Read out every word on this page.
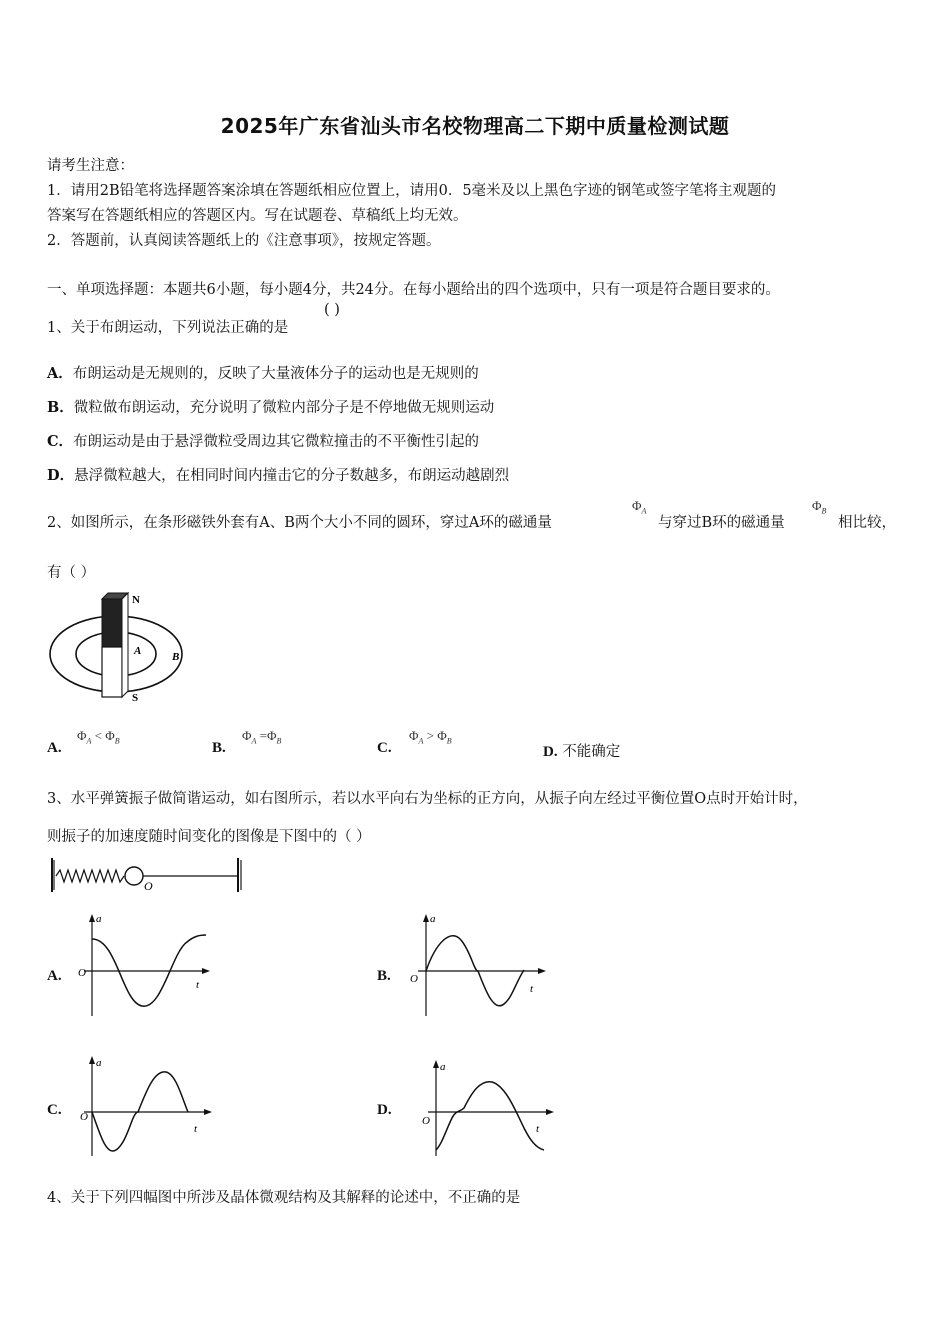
2025年广东省汕头市名校物理高二下期中质量检测试题
请考生注意：
1．请用2B铅笔将选择题答案涂填在答题纸相应位置上，请用0．5毫米及以上黑色字迹的钢笔或签字笔将主观题的
答案写在答题纸相应的答题区内。写在试题卷、草稿纸上均无效。
2．答题前，认真阅读答题纸上的《注意事项》，按规定答题。
一、单项选择题：本题共6小题，每小题4分，共24分。在每小题给出的四个选项中，只有一项是符合题目要求的。
1、关于布朗运动，下列说法正确的是
( )
A．布朗运动是无规则的，反映了大量液体分子的运动也是无规则的
B．微粒做布朗运动，充分说明了微粒内部分子是不停地做无规则运动
C．布朗运动是由于悬浮微粒受周边其它微粒撞击的不平衡性引起的
D．悬浮微粒越大，在相同时间内撞击它的分子数越多，布朗运动越剧烈
2、如图所示，在条形磁铁外套有A、B两个大小不同的圆环，穿过A环的磁通量
$\Phi_A$
与穿过B环的磁通量
$\Phi_B$
相比较，
有（ ）
N
S
A	B
A.
$\Phi_A < \Phi_B$	B.
$\Phi_A =\Phi_B$	C.
$\Phi_A > \Phi_B$
D. 不能确定
3、水平弹簧振子做简谐运动，如右图所示，若以水平向右为坐标的正方向，从振子向左经过平衡位置O点时开始计时，
则振子的加速度随时间变化的图像是下图中的（ ）
O
A.
a
t
O	B.
a
t
O
C.
a
t
O	D.
a
t
O
4、关于下列四幅图中所涉及晶体微观结构及其解释的论述中，不正确的是
